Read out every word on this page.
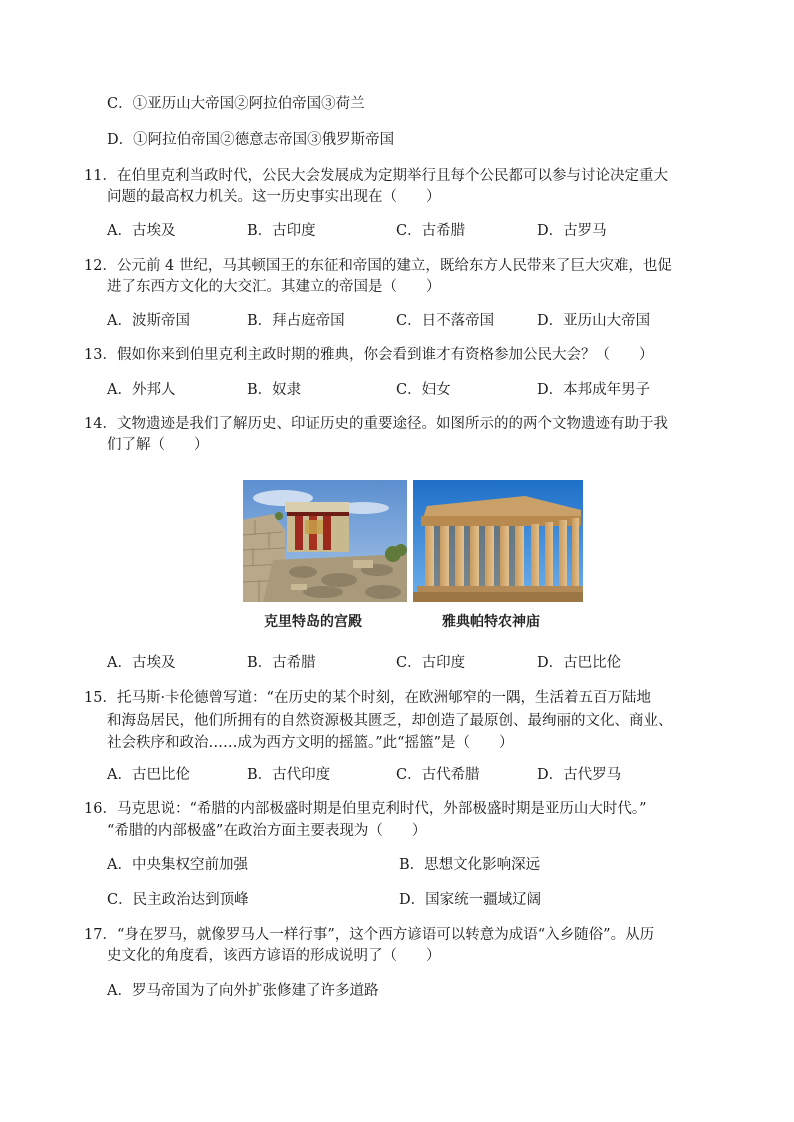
C．①亚历山大帝国②阿拉伯帝国③荷兰
D．①阿拉伯帝国②德意志帝国③俄罗斯帝国
11．在伯里克利当政时代，公民大会发展成为定期举行且每个公民都可以参与讨论决定重大
问题的最高权力机关。这一历史事实出现在（　　）
A．古埃及	B．古印度	C．古希腊	D．古罗马
12．公元前 4 世纪，马其顿国王的东征和帝国的建立，既给东方人民带来了巨大灾难，也促
进了东西方文化的大交汇。其建立的帝国是（　　）
A．波斯帝国	B．拜占庭帝国	C．日不落帝国	D．亚历山大帝国
13．假如你来到伯里克利主政时期的雅典，你会看到谁才有资格参加公民大会？（　　）
A．外邦人	B．奴隶	C．妇女	D．本邦成年男子
14．文物遗迹是我们了解历史、印证历史的重要途径。如图所示的的两个文物遗迹有助于我
们了解（　　）
克里特岛的宫殿	雅典帕特农神庙
A．古埃及	B．古希腊	C．古印度	D．古巴比伦
15．托马斯·卡伦德曾写道：“在历史的某个时刻，在欧洲郇窄的一隅，生活着五百万陆地
和海岛居民，他们所拥有的自然资源极其匮乏，却创造了最原创、最绚丽的文化、商业、
社会秩序和政治……成为西方文明的摇篮。”此“摇篮”是（　　）
A．古巴比伦	B．古代印度	C．古代希腊	D．古代罗马
16．马克思说：“希腊的内部极盛时期是伯里克利时代，外部极盛时期是亚历山大时代。”
“希腊的内部极盛”在政治方面主要表现为（　　）
A．中央集权空前加强	B．思想文化影响深远
C．民主政治达到顶峰	D．国家统一疆域辽阔
17．“身在罗马，就像罗马人一样行事”，这个西方谚语可以转意为成语“入乡随俗”。从历
史文化的角度看，该西方谚语的形成说明了（　　）
A．罗马帝国为了向外扩张修建了许多道路
